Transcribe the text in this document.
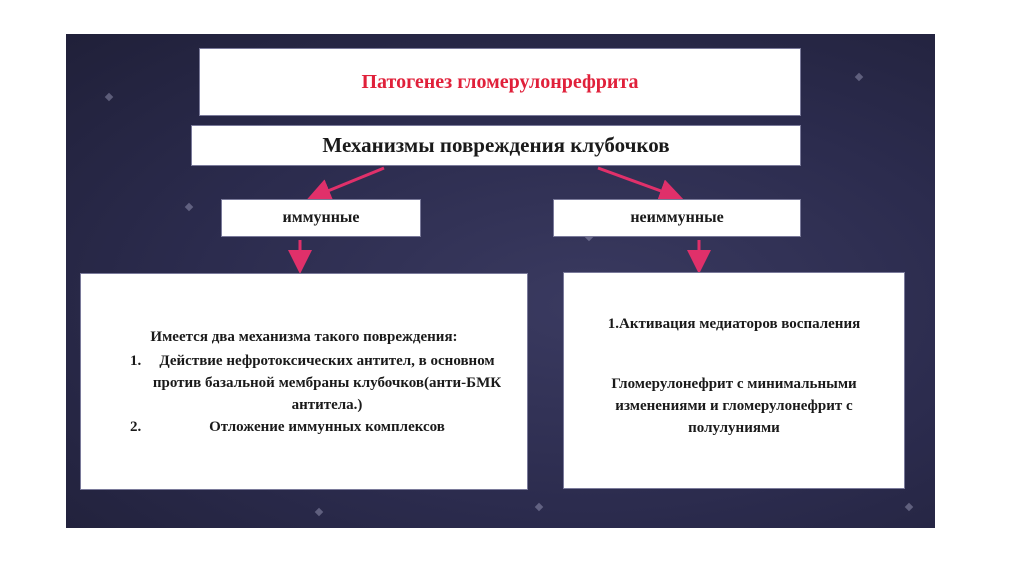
Патогенез гломерулонрефрита
Механизмы повреждения клубочков
иммунные	неиммунные
Имеется два механизма такого повреждения:
1. Действие нефротоксических антител, в основном против базальной мембраны клубочков(анти-БМК антитела.)
2. Отложение иммунных комплексов
1.Активация медиаторов воспаления
Гломерулонефрит с минимальными изменениями и гломерулонефрит с полулуниями
